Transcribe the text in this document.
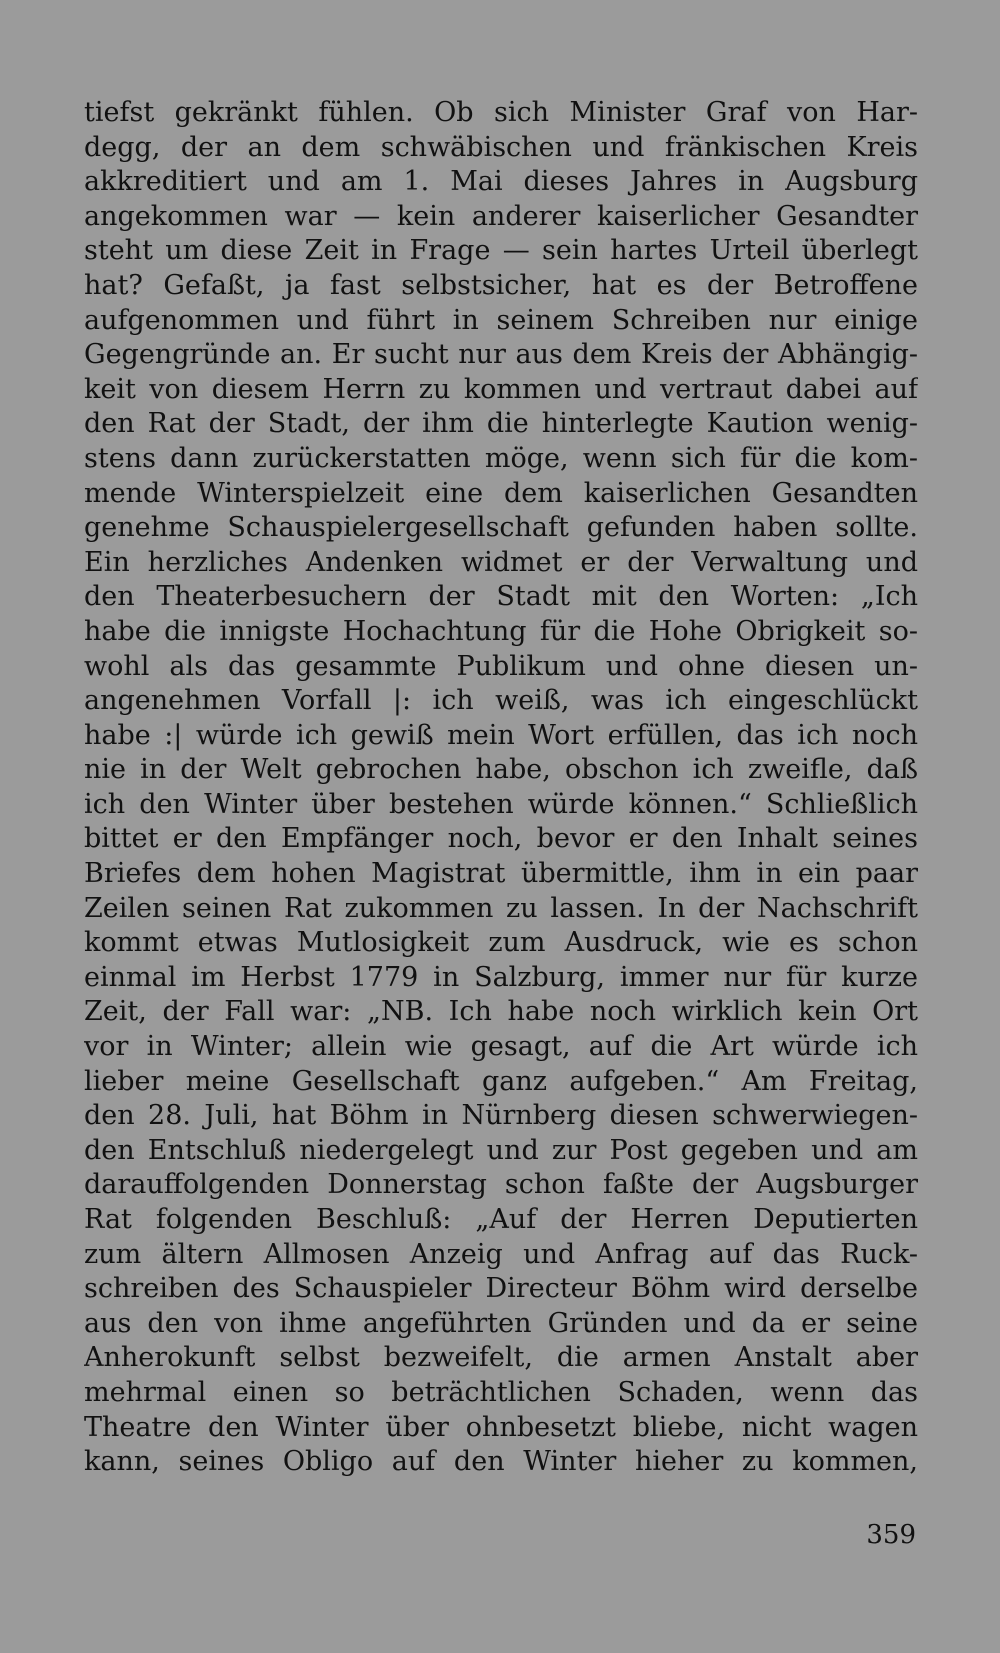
tiefst gekränkt fühlen. Ob sich Minister Graf von Har-
degg, der an dem schwäbischen und fränkischen Kreis
akkreditiert und am 1. Mai dieses Jahres in Augsburg
angekommen war — kein anderer kaiserlicher Gesandter
steht um diese Zeit in Frage — sein hartes Urteil überlegt
hat? Gefaßt, ja fast selbstsicher, hat es der Betroffene
aufgenommen und führt in seinem Schreiben nur einige
Gegengründe an. Er sucht nur aus dem Kreis der Abhängig-
keit von diesem Herrn zu kommen und vertraut dabei auf
den Rat der Stadt, der ihm die hinterlegte Kaution wenig-
stens dann zurückerstatten möge, wenn sich für die kom-
mende Winterspielzeit eine dem kaiserlichen Gesandten
genehme Schauspielergesellschaft gefunden haben sollte.
Ein herzliches Andenken widmet er der Verwaltung und
den Theaterbesuchern der Stadt mit den Worten: „Ich
habe die innigste Hochachtung für die Hohe Obrigkeit so-
wohl als das gesammte Publikum und ohne diesen un-
angenehmen Vorfall |: ich weiß, was ich eingeschlückt
habe :| würde ich gewiß mein Wort erfüllen, das ich noch
nie in der Welt gebrochen habe, obschon ich zweifle, daß
ich den Winter über bestehen würde können.“ Schließlich
bittet er den Empfänger noch, bevor er den Inhalt seines
Briefes dem hohen Magistrat übermittle, ihm in ein paar
Zeilen seinen Rat zukommen zu lassen. In der Nachschrift
kommt etwas Mutlosigkeit zum Ausdruck, wie es schon
einmal im Herbst 1779 in Salzburg, immer nur für kurze
Zeit, der Fall war: „NB. Ich habe noch wirklich kein Ort
vor in Winter; allein wie gesagt, auf die Art würde ich
lieber meine Gesellschaft ganz aufgeben.“ Am Freitag,
den 28. Juli, hat Böhm in Nürnberg diesen schwerwiegen-
den Entschluß niedergelegt und zur Post gegeben und am
darauffolgenden Donnerstag schon faßte der Augsburger
Rat folgenden Beschluß: „Auf der Herren Deputierten
zum ältern Allmosen Anzeig und Anfrag auf das Ruck-
schreiben des Schauspieler Directeur Böhm wird derselbe
aus den von ihme angeführten Gründen und da er seine
Anherokunft selbst bezweifelt, die armen Anstalt aber
mehrmal einen so beträchtlichen Schaden, wenn das
Theatre den Winter über ohnbesetzt bliebe, nicht wagen
kann, seines Obligo auf den Winter hieher zu kommen,
359
